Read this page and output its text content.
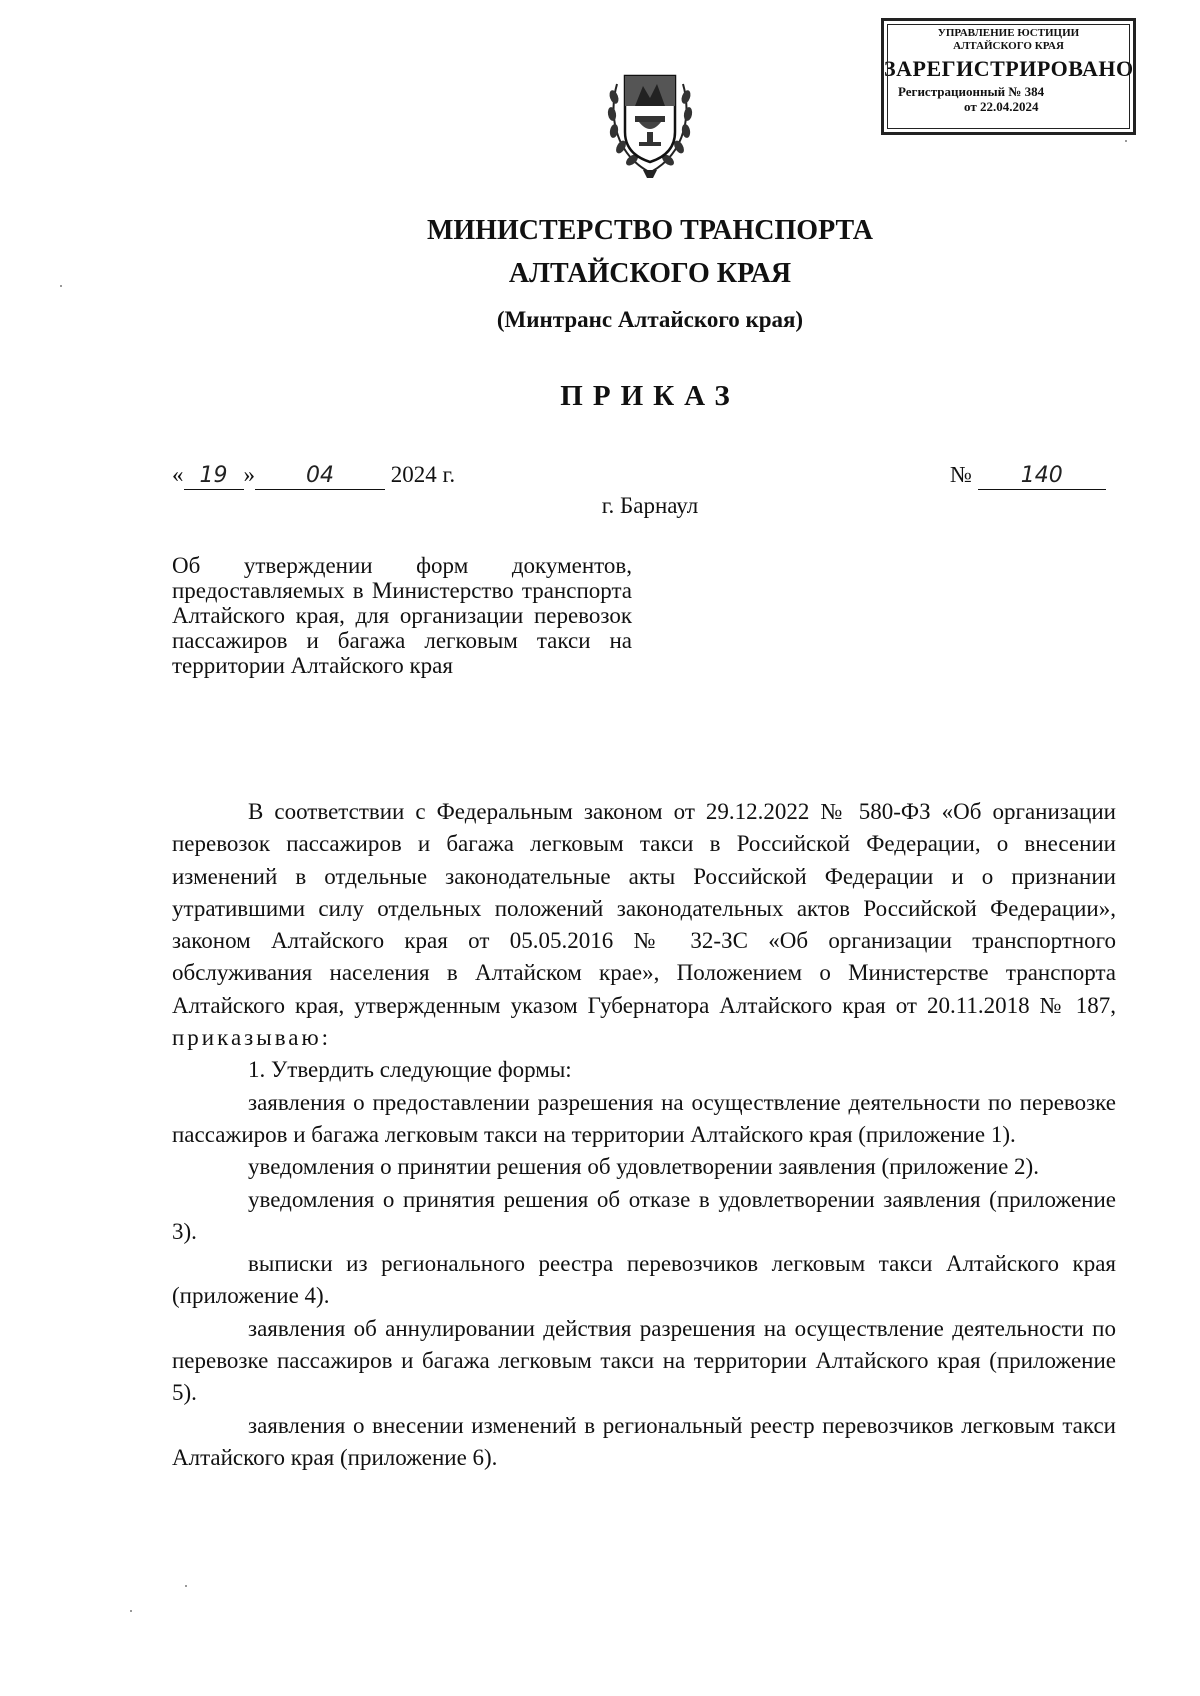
УПРАВЛЕНИЕ ЮСТИЦИИ
АЛТАЙСКОГО КРАЯ
ЗАРЕГИСТРИРОВАНО
Регистрационный № 384
от 22.04.2024
МИНИСТЕРСТВО ТРАНСПОРТА
АЛТАЙСКОГО КРАЯ
(Минтранс Алтайского края)
ПРИКАЗ
« 19 » 04 2024 г.	№ 140
г. Барнаул
Об утверждении форм документов, предоставляемых в Министерство транспорта Алтайского края, для организации перевозок пассажиров и багажа легковым такси на территории Алтайского края

В соответствии с Федеральным законом от 29.12.2022 № 580-ФЗ «Об организации перевозок пассажиров и багажа легковым такси в Российской Федерации, о внесении изменений в отдельные законодательные акты Российской Федерации и о признании утратившими силу отдельных положений законодательных актов Российской Федерации», законом Алтайского края от 05.05.2016 № 32-ЗС «Об организации транспортного обслуживания населения в Алтайском крае», Положением о Министерстве транспорта Алтайского края, утвержденным указом Губернатора Алтайского края от 20.11.2018 № 187, приказываю:

1. Утвердить следующие формы:

заявления о предоставлении разрешения на осуществление деятельности по перевозке пассажиров и багажа легковым такси на территории Алтайского края (приложение 1).

уведомления о принятии решения об удовлетворении заявления (приложение 2).

уведомления о принятия решения об отказе в удовлетворении заявления (приложение 3).

выписки из регионального реестра перевозчиков легковым такси Алтайского края (приложение 4).

заявления об аннулировании действия разрешения на осуществление деятельности по перевозке пассажиров и багажа легковым такси на территории Алтайского края (приложение 5).

заявления о внесении изменений в региональный реестр перевозчиков легковым такси Алтайского края (приложение 6).
